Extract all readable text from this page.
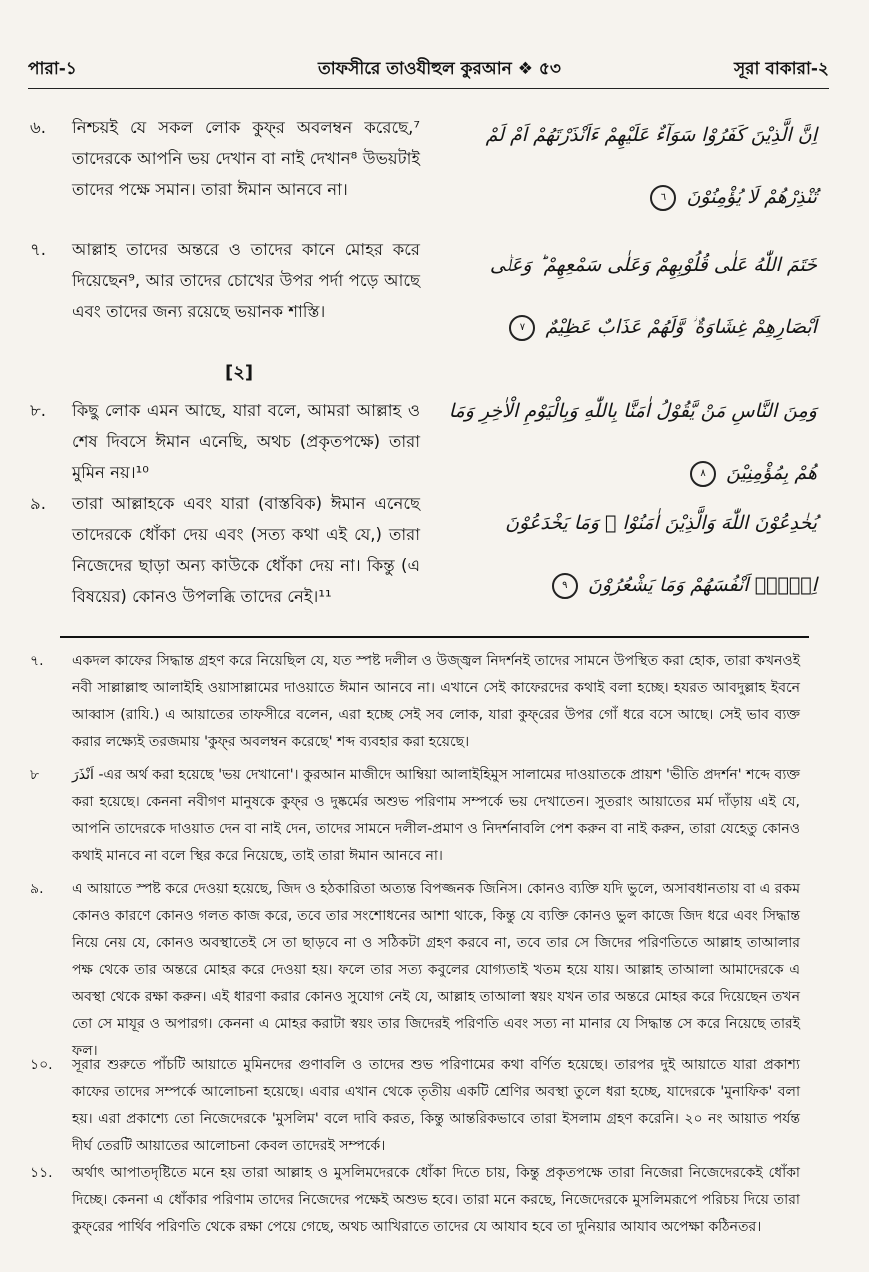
পারা-১	তাফসীরে তাওযীহুল কুরআন ❖ ৫৩	সূরা বাকারা-২
৬.	নিশ্চয়ই যে সকল লোক কুফ্‌র অবলম্বন করেছে,⁷ তাদেরকে আপনি ভয় দেখান বা নাই দেখান⁸ উভয়টাই তাদের পক্ষে সমান। তারা ঈমান আনবে না।
৭.	আল্লাহ তাদের অন্তরে ও তাদের কানে মোহর করে দিয়েছেন⁹, আর তাদের চোখের উপর পর্দা পড়ে আছে এবং তাদের জন্য রয়েছে ভয়ানক শাস্তি।
[২]
৮.	কিছু লোক এমন আছে, যারা বলে, আমরা আল্লাহ ও শেষ দিবসে ঈমান এনেছি, অথচ (প্রকৃতপক্ষে) তারা মুমিন নয়।¹⁰
৯.	তারা আল্লাহকে এবং যারা (বাস্তবিক) ঈমান এনেছে তাদেরকে ধোঁকা দেয় এবং (সত্য কথা এই যে,) তারা নিজেদের ছাড়া অন্য কাউকে ধোঁকা দেয় না। কিন্তু (এ বিষয়ের) কোনও উপলব্ধি তাদের নেই।¹¹
اِنَّ الَّذِيْنَ كَفَرُوْا سَوَآءٌ عَلَيْهِمْ ءَاَنْذَرْتَهُمْ اَمْ لَمْ تُنْذِرْهُمْ لَا يُؤْمِنُوْنَ ٦
خَتَمَ اللّٰهُ عَلٰى قُلُوْبِهِمْ وَعَلٰى سَمْعِهِمْ ؕ وَعَلٰۤى اَبْصَارِهِمْ غِشَاوَةٌ ؗ وَّلَهُمْ عَذَابٌ عَظِيْمٌ ٧
وَمِنَ النَّاسِ مَنْ يَّقُوْلُ اٰمَنَّا بِاللّٰهِ وَبِالْيَوْمِ الْاٰخِرِ وَمَا هُمْ بِمُؤْمِنِيْنَ ٨
يُخٰدِعُوْنَ اللّٰهَ وَالَّذِيْنَ اٰمَنُوْا ۚ وَمَا يَخْدَعُوْنَ اِلَّاۤ اَنْفُسَهُمْ وَمَا يَشْعُرُوْنَ ٩
৭.	একদল কাফের সিদ্ধান্ত গ্রহণ করে নিয়েছিল যে, যত স্পষ্ট দলীল ও উজ্জ্বল নিদর্শনই তাদের সামনে উপস্থিত করা হোক, তারা কখনওই নবী সাল্লাল্লাহু আলাইহি ওয়াসাল্লামের দাওয়াতে ঈমান আনবে না। এখানে সেই কাফেরদের কথাই বলা হচ্ছে। হযরত আবদুল্লাহ ইবনে আব্বাস (রাযি.) এ আয়াতের তাফসীরে বলেন, এরা হচ্ছে সেই সব লোক, যারা কুফ্‌রের উপর গোঁ ধরে বসে আছে। সেই ভাব ব্যক্ত করার লক্ষ্যেই তরজমায় 'কুফ্‌র অবলম্বন করেছে' শব্দ ব্যবহার করা হয়েছে।
৮	اَنْذَرَ -এর অর্থ করা হয়েছে 'ভয় দেখানো'। কুরআন মাজীদে আম্বিয়া আলাইহিমুস সালামের দাওয়াতকে প্রায়শ 'ভীতি প্রদর্শন' শব্দে ব্যক্ত করা হয়েছে। কেননা নবীগণ মানুষকে কুফ্‌র ও দুষ্কর্মের অশুভ পরিণাম সম্পর্কে ভয় দেখাতেন। সুতরাং আয়াতের মর্ম দাঁড়ায় এই যে, আপনি তাদেরকে দাওয়াত দেন বা নাই দেন, তাদের সামনে দলীল-প্রমাণ ও নিদর্শনাবলি পেশ করুন বা নাই করুন, তারা যেহেতু কোনও কথাই মানবে না বলে স্থির করে নিয়েছে, তাই তারা ঈমান আনবে না।
৯.	এ আয়াতে স্পষ্ট করে দেওয়া হয়েছে, জিদ ও হঠকারিতা অত্যন্ত বিপজ্জনক জিনিস। কোনও ব্যক্তি যদি ভুলে, অসাবধানতায় বা এ রকম কোনও কারণে কোনও গলত কাজ করে, তবে তার সংশোধনের আশা থাকে, কিন্তু যে ব্যক্তি কোনও ভুল কাজে জিদ ধরে এবং সিদ্ধান্ত নিয়ে নেয় যে, কোনও অবস্থাতেই সে তা ছাড়বে না ও সঠিকটা গ্রহণ করবে না, তবে তার সে জিদের পরিণতিতে আল্লাহ তাআলার পক্ষ থেকে তার অন্তরে মোহর করে দেওয়া হয়। ফলে তার সত্য কবুলের যোগ্যতাই খতম হয়ে যায়। আল্লাহ তাআলা আমাদেরকে এ অবস্থা থেকে রক্ষা করুন। এই ধারণা করার কোনও সুযোগ নেই যে, আল্লাহ তাআলা স্বয়ং যখন তার অন্তরে মোহর করে দিয়েছেন তখন তো সে মাযূর ও অপারগ। কেননা এ মোহর করাটা স্বয়ং তার জিদেরই পরিণতি এবং সত্য না মানার যে সিদ্ধান্ত সে করে নিয়েছে তারই ফল।
১০.	সূরার শুরুতে পাঁচটি আয়াতে মুমিনদের গুণাবলি ও তাদের শুভ পরিণামের কথা বর্ণিত হয়েছে। তারপর দুই আয়াতে যারা প্রকাশ্য কাফের তাদের সম্পর্কে আলোচনা হয়েছে। এবার এখান থেকে তৃতীয় একটি শ্রেণির অবস্থা তুলে ধরা হচ্ছে, যাদেরকে 'মুনাফিক' বলা হয়। এরা প্রকাশ্যে তো নিজেদেরকে 'মুসলিম' বলে দাবি করত, কিন্তু আন্তরিকভাবে তারা ইসলাম গ্রহণ করেনি। ২০ নং আয়াত পর্যন্ত দীর্ঘ তেরটি আয়াতের আলোচনা কেবল তাদেরই সম্পর্কে।
১১.	অর্থাৎ আপাতদৃষ্টিতে মনে হয় তারা আল্লাহ ও মুসলিমদেরকে ধোঁকা দিতে চায়, কিন্তু প্রকৃতপক্ষে তারা নিজেরা নিজেদেরকেই ধোঁকা দিচ্ছে। কেননা এ ধোঁকার পরিণাম তাদের নিজেদের পক্ষেই অশুভ হবে। তারা মনে করছে, নিজেদেরকে মুসলিমরূপে পরিচয় দিয়ে তারা কুফ্‌রের পার্থিব পরিণতি থেকে রক্ষা পেয়ে গেছে, অথচ আখিরাতে তাদের যে আযাব হবে তা দুনিয়ার আযাব অপেক্ষা কঠিনতর।
